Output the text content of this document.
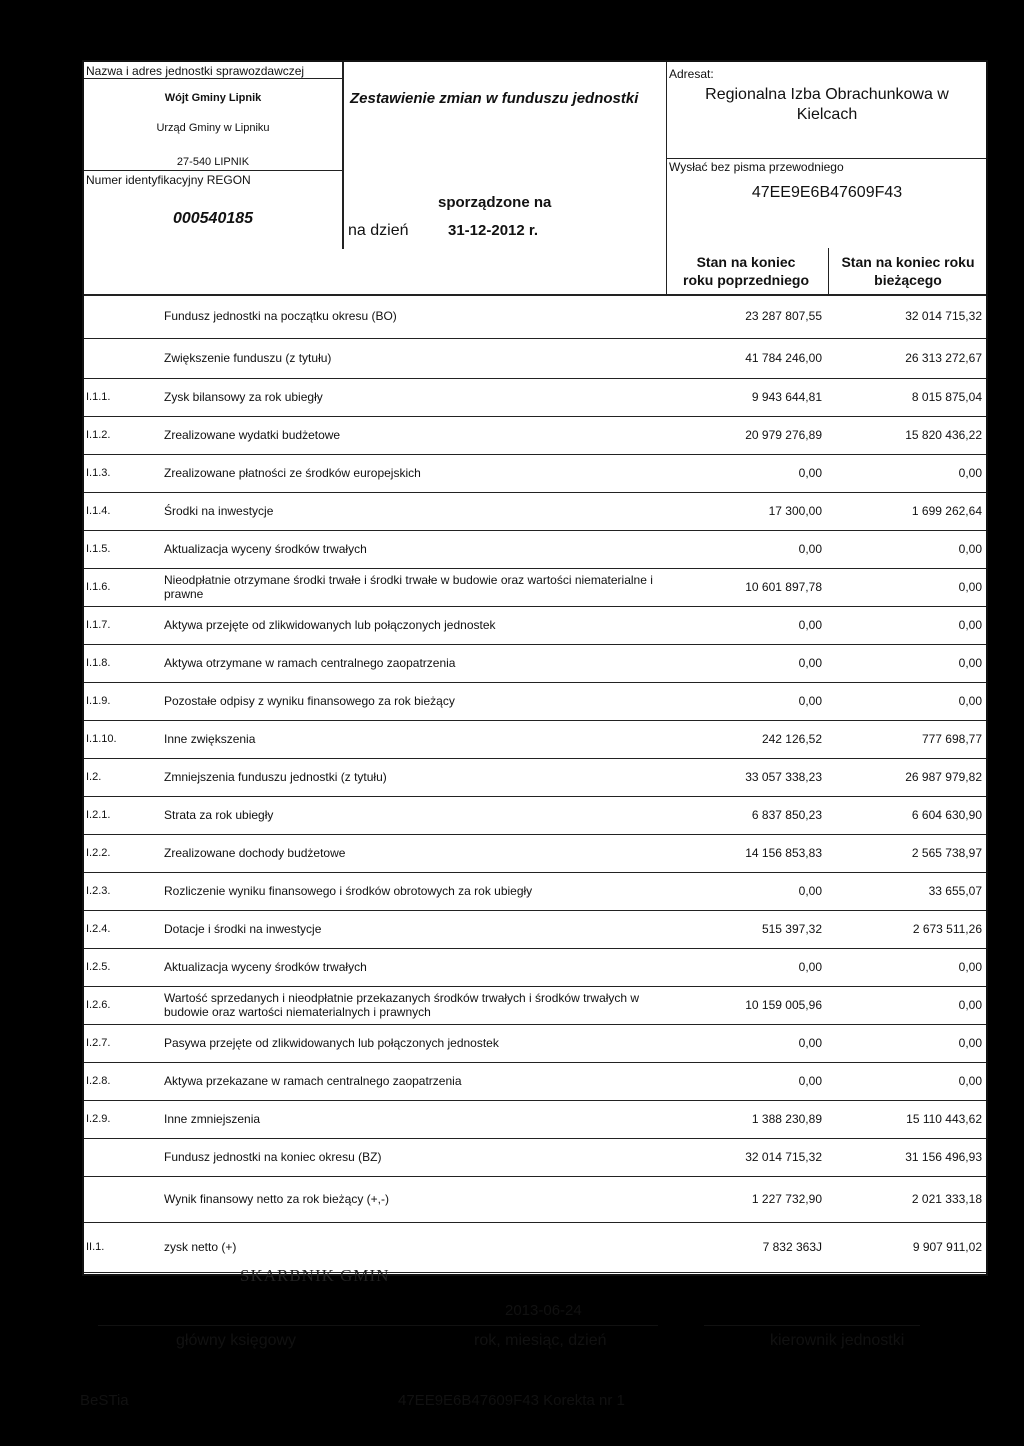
Nazwa i adres jednostki sprawozdawczej
Wójt Gminy Lipnik
Urząd Gminy w Lipniku
27-540 LIPNIK
Numer identyfikacyjny REGON
000540185
Zestawienie zmian w funduszu jednostki
sporządzone na
na dzień	31-12-2012 r.
Adresat:
Regionalna Izba Obrachunkowa w
Kielcach
Wysłać bez pisma przewodniego
47EE9E6B47609F43
Stan na koniec
roku poprzedniego
Stan na koniec roku
bieżącego
Fundusz jednostki na początku okresu (BO)	23 287 807,55	32 014 715,32
Zwiększenie funduszu (z tytułu)	41 784 246,00	26 313 272,67
I.1.1.	Zysk bilansowy za rok ubiegły	9 943 644,81	8 015 875,04
I.1.2.	Zrealizowane wydatki budżetowe	20 979 276,89	15 820 436,22
I.1.3.	Zrealizowane płatności ze środków europejskich	0,00	0,00
I.1.4.	Środki na inwestycje	17 300,00	1 699 262,64
I.1.5.	Aktualizacja wyceny środków trwałych	0,00	0,00
I.1.6.	Nieodpłatnie otrzymane środki trwałe i środki trwałe w budowie oraz wartości niematerialne i prawne	10 601 897,78	0,00
I.1.7.	Aktywa przejęte od zlikwidowanych lub połączonych jednostek	0,00	0,00
I.1.8.	Aktywa otrzymane w ramach centralnego zaopatrzenia	0,00	0,00
I.1.9.	Pozostałe odpisy z wyniku finansowego za rok bieżący	0,00	0,00
I.1.10.	Inne zwiększenia	242 126,52	777 698,77
I.2.	Zmniejszenia funduszu jednostki (z tytułu)	33 057 338,23	26 987 979,82
I.2.1.	Strata za rok ubiegły	6 837 850,23	6 604 630,90
I.2.2.	Zrealizowane dochody budżetowe	14 156 853,83	2 565 738,97
I.2.3.	Rozliczenie wyniku finansowego i środków obrotowych za rok ubiegły	0,00	33 655,07
I.2.4.	Dotacje i środki na inwestycje	515 397,32	2 673 511,26
I.2.5.	Aktualizacja wyceny środków trwałych	0,00	0,00
I.2.6.	Wartość sprzedanych i nieodpłatnie przekazanych środków trwałych i środków trwałych w budowie oraz wartości niematerialnych i prawnych	10 159 005,96	0,00
I.2.7.	Pasywa przejęte od zlikwidowanych lub połączonych jednostek	0,00	0,00
I.2.8.	Aktywa przekazane w ramach centralnego zaopatrzenia	0,00	0,00
I.2.9.	Inne zmniejszenia	1 388 230,89	15 110 443,62
Fundusz jednostki na koniec okresu (BZ)	32 014 715,32	31 156 496,93
Wynik finansowy netto za rok bieżący (+,-)	1 227 732,90	2 021 333,18
II.1.	zysk netto (+)	7 832 363J	9 907 911,02
SKARBNIK GMIN
2013-06-24
główny księgowy	rok, miesiąc, dzień	kierownik jednostki
BeSTia	47EE9E6B47609F43 Korekta nr 1
